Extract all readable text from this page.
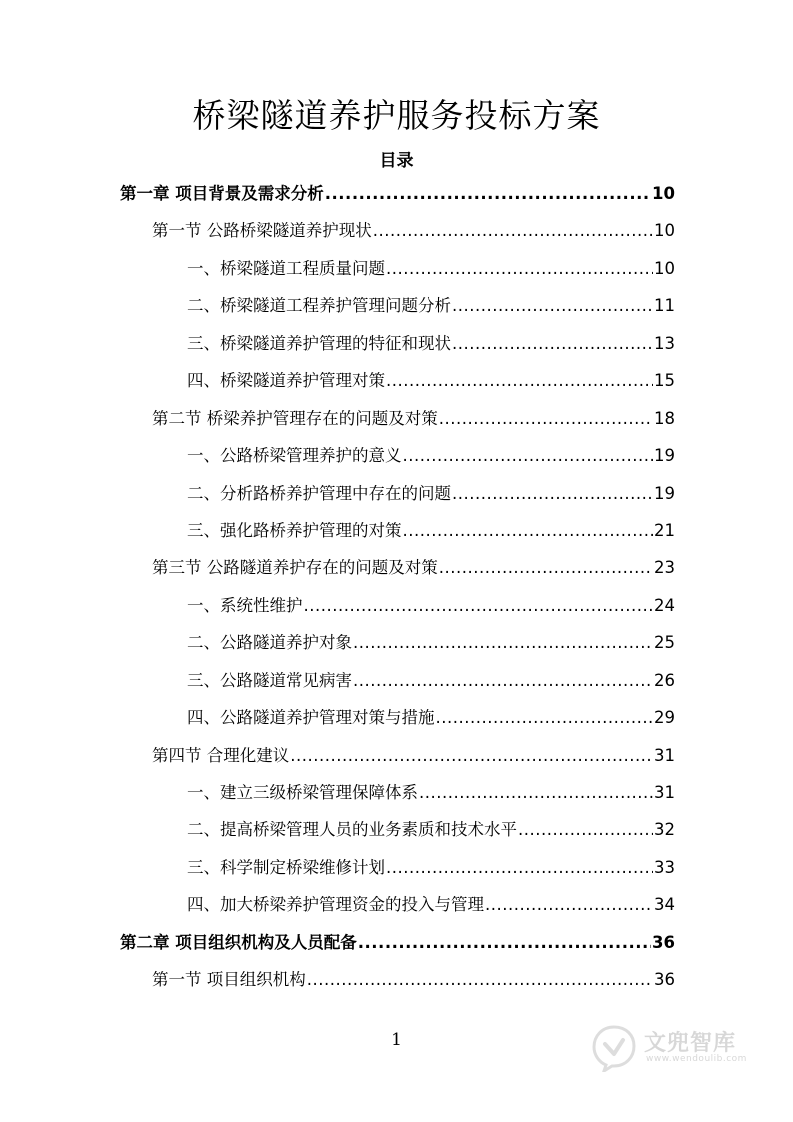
桥梁隧道养护服务投标方案
目录
第一章 项目背景及需求分析 .....	10
第一节 公路桥梁隧道养护现状 .....	10
一、桥梁隧道工程质量问题 .....	10
二、桥梁隧道工程养护管理问题分析 .....	11
三、桥梁隧道养护管理的特征和现状 .....	13
四、桥梁隧道养护管理对策 .....	15
第二节 桥梁养护管理存在的问题及对策 .....	18
一、公路桥梁管理养护的意义 .....	19
二、分析路桥养护管理中存在的问题 .....	19
三、强化路桥养护管理的对策 .....	21
第三节 公路隧道养护存在的问题及对策 .....	23
一、系统性维护 .....	24
二、公路隧道养护对象 .....	25
三、公路隧道常见病害 .....	26
四、公路隧道养护管理对策与措施 .....	29
第四节 合理化建议 .....	31
一、建立三级桥梁管理保障体系 .....	31
二、提高桥梁管理人员的业务素质和技术水平 .....	32
三、科学制定桥梁维修计划 .....	33
四、加大桥梁养护管理资金的投入与管理 .....	34
第二章 项目组织机构及人员配备 .....	36
第一节 项目组织机构 .....	36
1	文兜智库
www.wendoulib.com
